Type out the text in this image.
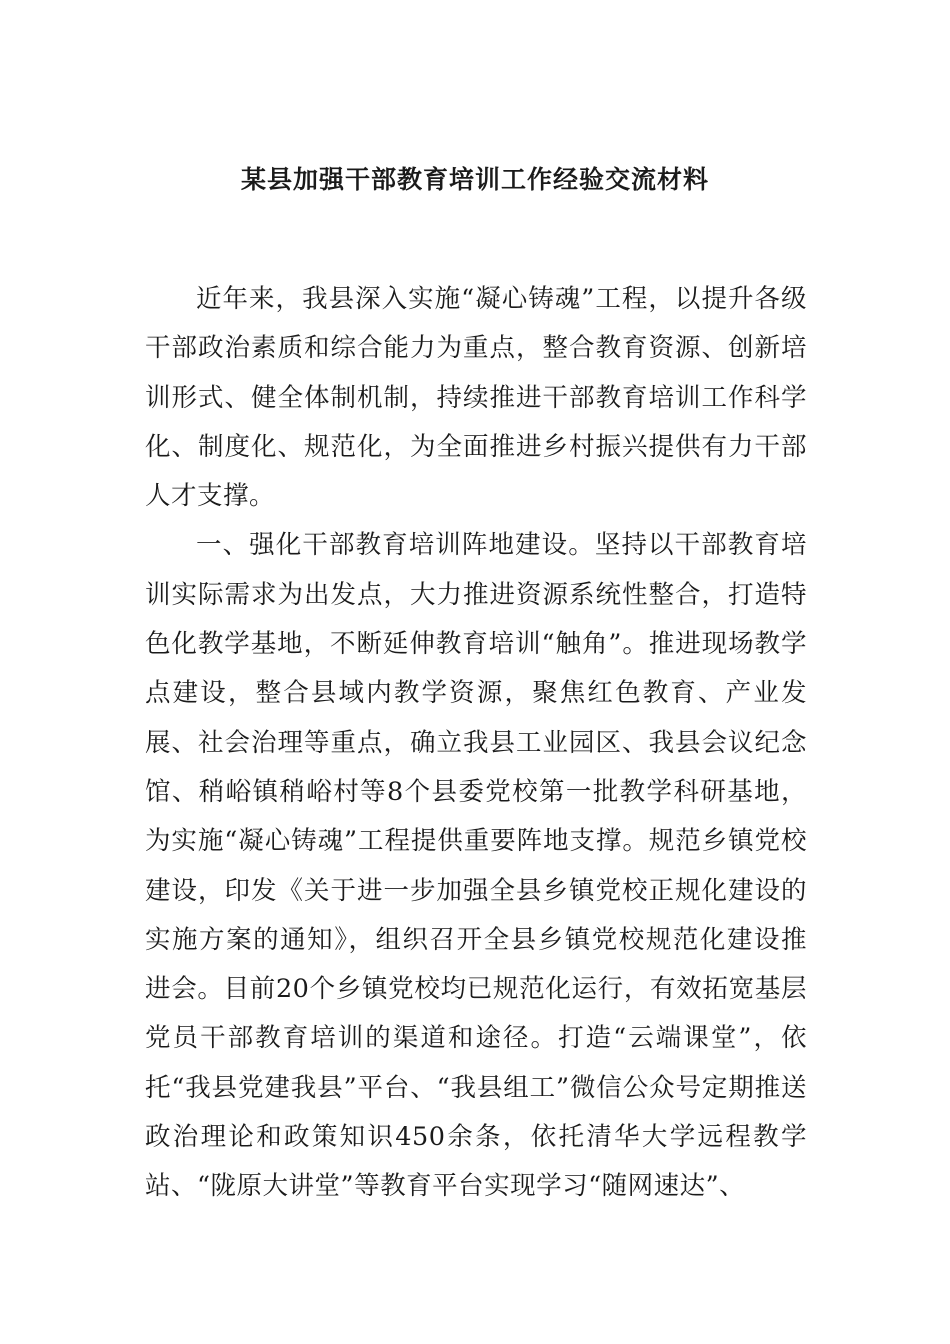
某县加强干部教育培训工作经验交流材料

近年来，我县深入实施“凝心铸魂”工程，以提升各级干部政治素质和综合能力为重点，整合教育资源、创新培训形式、健全体制机制，持续推进干部教育培训工作科学化、制度化、规范化，为全面推进乡村振兴提供有力干部人才支撑。

一、强化干部教育培训阵地建设。坚持以干部教育培训实际需求为出发点，大力推进资源系统性整合，打造特色化教学基地，不断延伸教育培训“触角”。推进现场教学点建设，整合县域内教学资源，聚焦红色教育、产业发展、社会治理等重点，确立我县工业园区、我县会议纪念馆、稍峪镇稍峪村等8个县委党校第一批教学科研基地，为实施“凝心铸魂”工程提供重要阵地支撑。规范乡镇党校建设，印发《关于进一步加强全县乡镇党校正规化建设的实施方案的通知》，组织召开全县乡镇党校规范化建设推进会。目前20个乡镇党校均已规范化运行，有效拓宽基层党员干部教育培训的渠道和途径。打造“云端课堂”，依托“我县党建我县”平台、“我县组工”微信公众号定期推送政治理论和政策知识450余条，依托清华大学远程教学站、“陇原大讲堂”等教育平台实现学习“随网速达”、
